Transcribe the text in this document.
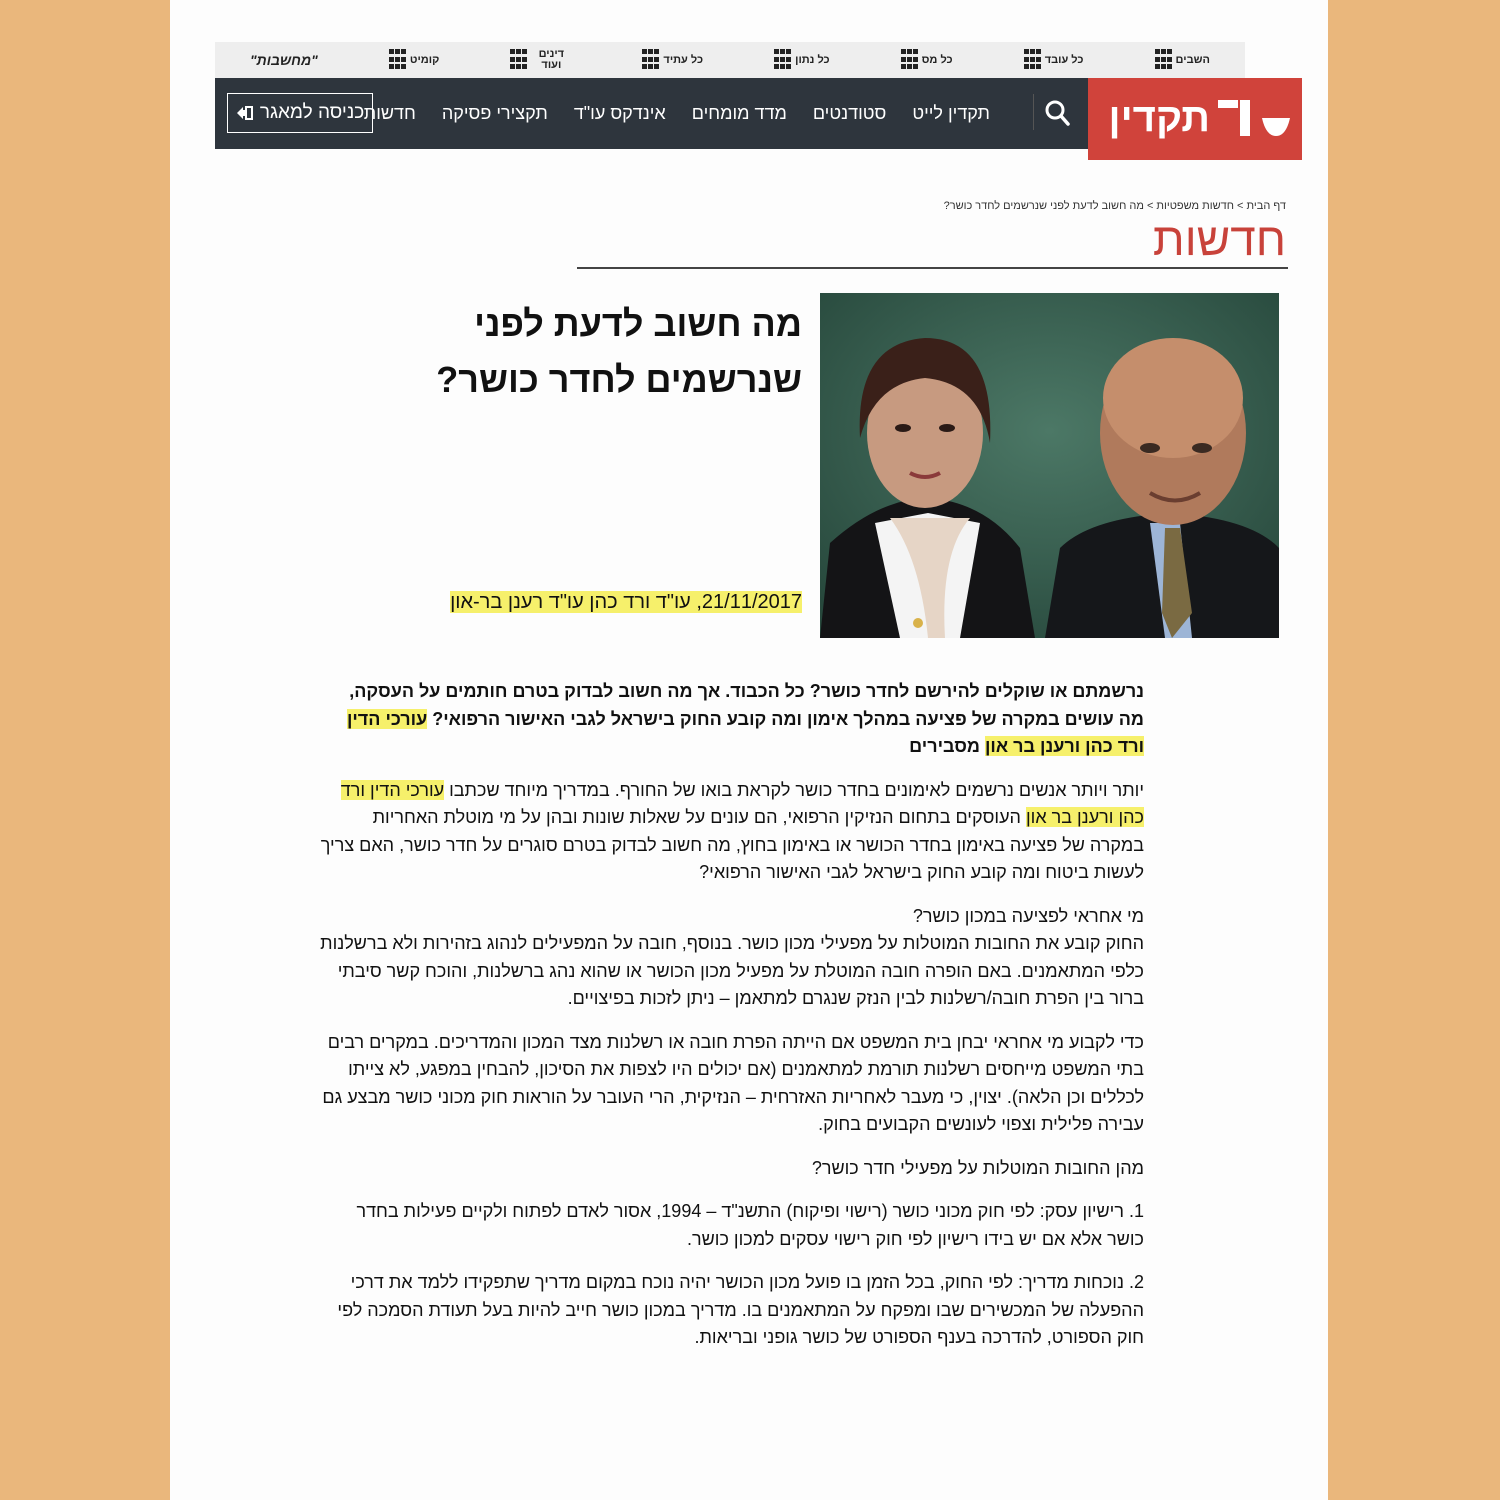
השבים
כל עובד
כל מס
כל נתון
כל עתיד
דינים ועוד
קומיט
"מחשבות"
כניסה למאגר חדשות תקצירי פסיקה אינדקס עו"ד מדד מומחים סטודנטים תקדין לייט	תקדין
דף הבית > חדשות משפטיות > מה חשוב לדעת לפני שנרשמים לחדר כושר?
חדשות
מה חשוב לדעת לפני
שנרשמים לחדר כושר?
21/11/2017, עו"ד ורד כהן עו"ד רענן בר-און

נרשמתם או שוקלים להירשם לחדר כושר? כל הכבוד. אך מה חשוב לבדוק בטרם חותמים על העסקה, מה עושים במקרה של פציעה במהלך אימון ומה קובע החוק בישראל לגבי האישור הרפואי? עורכי הדין ורד כהן ורענן בר און מסבירים

יותר ויותר אנשים נרשמים לאימונים בחדר כושר לקראת בואו של החורף. במדריך מיוחד שכתבו עורכי הדין ורד כהן ורענן בר און העוסקים בתחום הנזיקין הרפואי, הם עונים על שאלות שונות ובהן על מי מוטלת האחריות במקרה של פציעה באימון בחדר הכושר או באימון בחוץ, מה חשוב לבדוק בטרם סוגרים על חדר כושר, האם צריך לעשות ביטוח ומה קובע החוק בישראל לגבי האישור הרפואי?

מי אחראי לפציעה במכון כושר?

החוק קובע את החובות המוטלות על מפעילי מכון כושר. בנוסף, חובה על המפעילים לנהוג בזהירות ולא ברשלנות כלפי המתאמנים. באם הופרה חובה המוטלת על מפעיל מכון הכושר או שהוא נהג ברשלנות, והוכח קשר סיבתי ברור בין הפרת חובה/רשלנות לבין הנזק שנגרם למתאמן – ניתן לזכות בפיצויים.

כדי לקבוע מי אחראי יבחן בית המשפט אם הייתה הפרת חובה או רשלנות מצד המכון והמדריכים. במקרים רבים בתי המשפט מייחסים רשלנות תורמת למתאמנים (אם יכולים היו לצפות את הסיכון, להבחין במפגע, לא צייתו לכללים וכן הלאה). יצוין, כי מעבר לאחריות האזרחית – הנזיקית, הרי העובר על הוראות חוק מכוני כושר מבצע גם עבירה פלילית וצפוי לעונשים הקבועים בחוק.

מהן החובות המוטלות על מפעילי חדר כושר?

1. רישיון עסק: לפי חוק מכוני כושר (רישוי ופיקוח) התשנ"ד – 1994, אסור לאדם לפתוח ולקיים פעילות בחדר כושר אלא אם יש בידו רישיון לפי חוק רישוי עסקים למכון כושר.

2. נוכחות מדריך: לפי החוק, בכל הזמן בו פועל מכון הכושר יהיה נוכח במקום מדריך שתפקידו ללמד את דרכי ההפעלה של המכשירים שבו ומפקח על המתאמנים בו. מדריך במכון כושר חייב להיות בעל תעודת הסמכה לפי חוק הספורט, להדרכה בענף הספורט של כושר גופני ובריאות.
